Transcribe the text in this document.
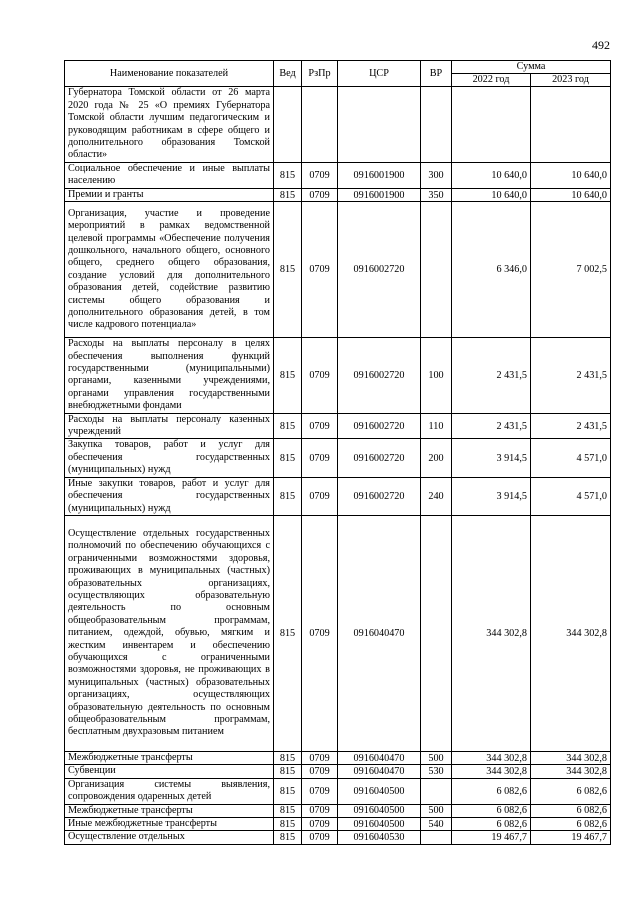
492
Наименование показателей	Вед	РзПр	ЦСР	ВР	Сумма	
					2022 год	2023 год
Губернатора Томской области от 26 марта 2020 года № 25 «О премиях Губернатора Томской области лучшим педагогическим и руководящим работникам в сфере общего и дополнительного образования Томской области»						
Социальное обеспечение и иные выплаты населению	815	0709	0916001900	300	10 640,0	10 640,0
Премии и гранты	815	0709	0916001900	350	10 640,0	10 640,0
Организация, участие и проведение мероприятий в рамках ведомственной целевой программы «Обеспечение получения дошкольного, начального общего, основного общего, среднего общего образования, создание условий для дополнительного образования детей, содействие развитию системы общего образования и дополнительного образования детей, в том числе кадрового потенциала»	815	0709	0916002720		6 346,0	7 002,5
Расходы на выплаты персоналу в целях обеспечения выполнения функций государственными (муниципальными) органами, казенными учреждениями, органами управления государственными внебюджетными фондами	815	0709	0916002720	100	2 431,5	2 431,5
Расходы на выплаты персоналу казенных учреждений	815	0709	0916002720	110	2 431,5	2 431,5
Закупка товаров, работ и услуг для обеспечения государственных (муниципальных) нужд	815	0709	0916002720	200	3 914,5	4 571,0
Иные закупки товаров, работ и услуг для обеспечения государственных (муниципальных) нужд	815	0709	0916002720	240	3 914,5	4 571,0
Осуществление отдельных государственных полномочий по обеспечению обучающихся с ограниченными возможностями здоровья, проживающих в муниципальных (частных) образовательных организациях, осуществляющих образовательную деятельность по основным общеобразовательным программам, питанием, одеждой, обувью, мягким и жестким инвентарем и обеспечению обучающихся с ограниченными возможностями здоровья, не проживающих в муниципальных (частных) образовательных организациях, осуществляющих образовательную деятельность по основным общеобразовательным программам, бесплатным двухразовым питанием	815	0709	0916040470		344 302,8	344 302,8
Межбюджетные трансферты	815	0709	0916040470	500	344 302,8	344 302,8
Субвенции	815	0709	0916040470	530	344 302,8	344 302,8
Организация системы выявления, сопровождения одаренных детей	815	0709	0916040500		6 082,6	6 082,6
Межбюджетные трансферты	815	0709	0916040500	500	6 082,6	6 082,6
Иные межбюджетные трансферты	815	0709	0916040500	540	6 082,6	6 082,6
Осуществление отдельных	815	0709	0916040530		19 467,7	19 467,7
